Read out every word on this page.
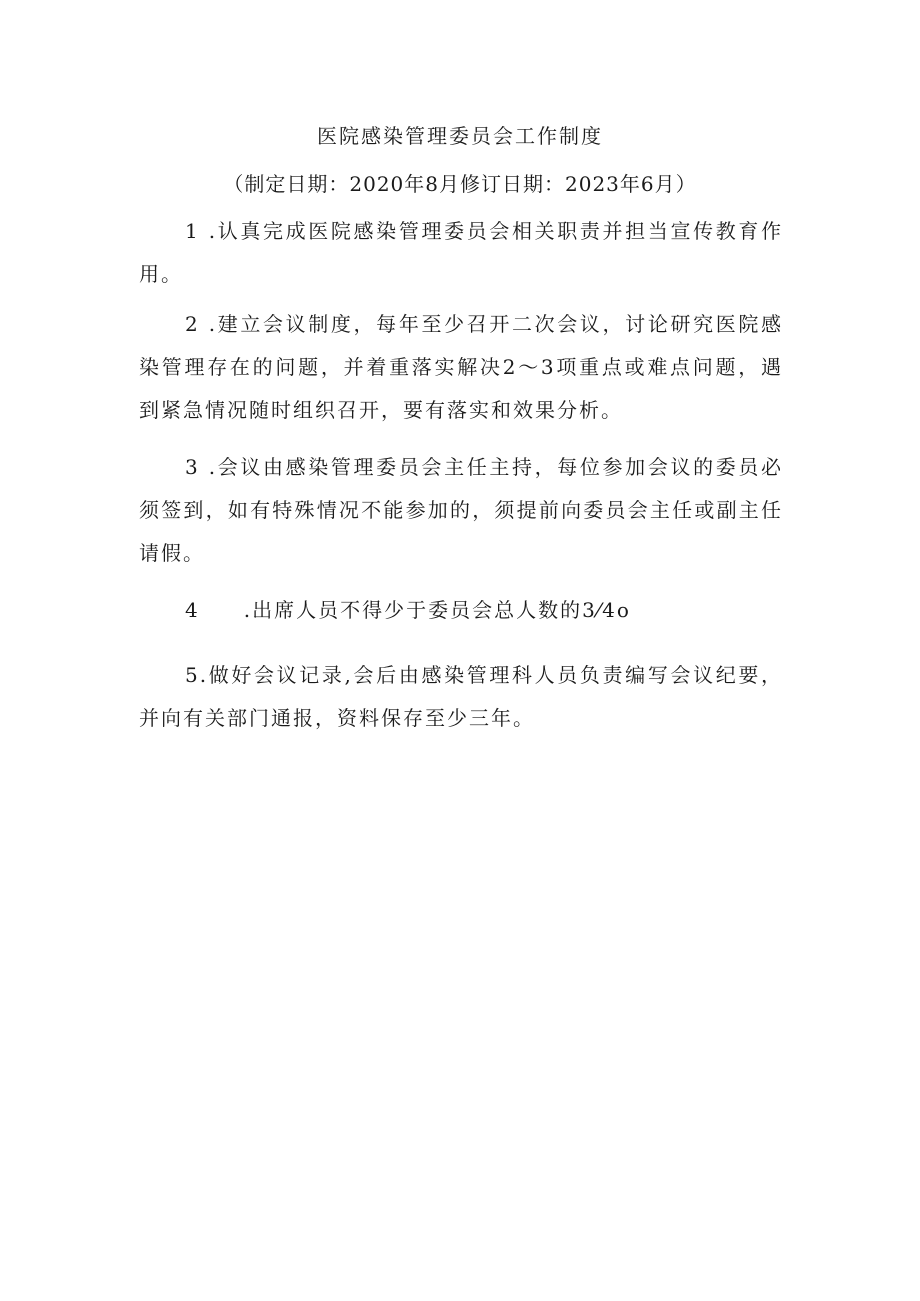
医院感染管理委员会工作制度
（制定日期：2020年8月修订日期：2023年6月）

1 .认真完成医院感染管理委员会相关职责并担当宣传教育作用。

2 .建立会议制度，每年至少召开二次会议，讨论研究医院感染管理存在的问题，并着重落实解决2～3项重点或难点问题，遇到紧急情况随时组织召开，要有落实和效果分析。

3 .会议由感染管理委员会主任主持，每位参加会议的委员必须签到，如有特殊情况不能参加的，须提前向委员会主任或副主任请假。

4 .出席人员不得少于委员会总人数的3⁄4o

5.做好会议记录,会后由感染管理科人员负责编写会议纪要，并向有关部门通报，资料保存至少三年。
